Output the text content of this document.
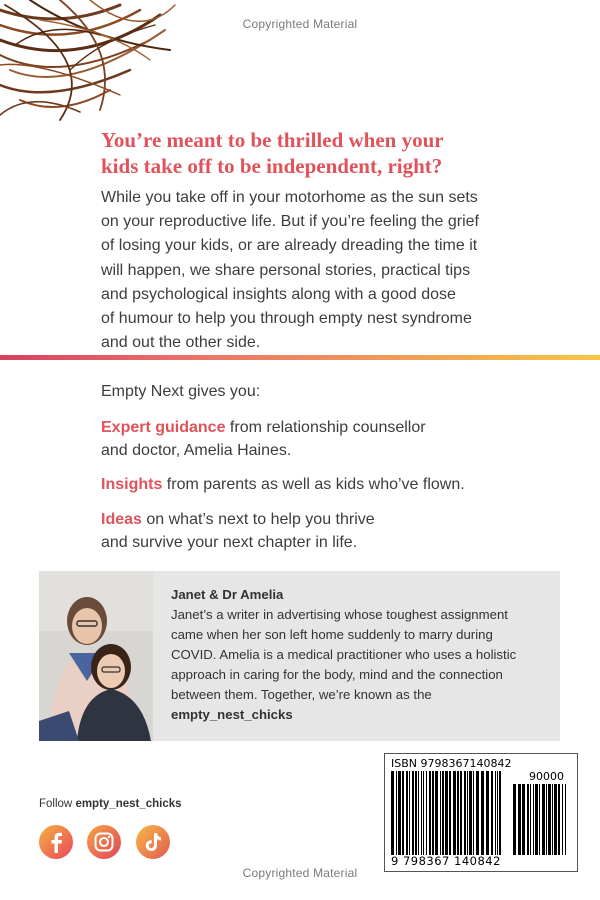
Copyrighted Material
You’re meant to be thrilled when your
kids take off to be independent, right?

While you take off in your motorhome as the sun sets
on your reproductive life. But if you’re feeling the grief
of losing your kids, or are already dreading the time it
will happen, we share personal stories, practical tips
and psychological insights along with a good dose
of humour to help you through empty nest syndrome
and out the other side.

Empty Next gives you:

Expert guidance from relationship counsellor
and doctor, Amelia Haines.

Insights from parents as well as kids who’ve flown.

Ideas on what’s next to help you thrive
and survive your next chapter in life.

Janet & Dr Amelia
Janet’s a writer in advertising whose toughest assignment
came when her son left home suddenly to marry during
COVID. Amelia is a medical practitioner who uses a holistic
approach in caring for the body, mind and the connection
between them. Together, we’re known as the
empty_nest_chicks
ISBN 9798367140842
90000
9 798367 140842
Follow empty_nest_chicks
Copyrighted Material
